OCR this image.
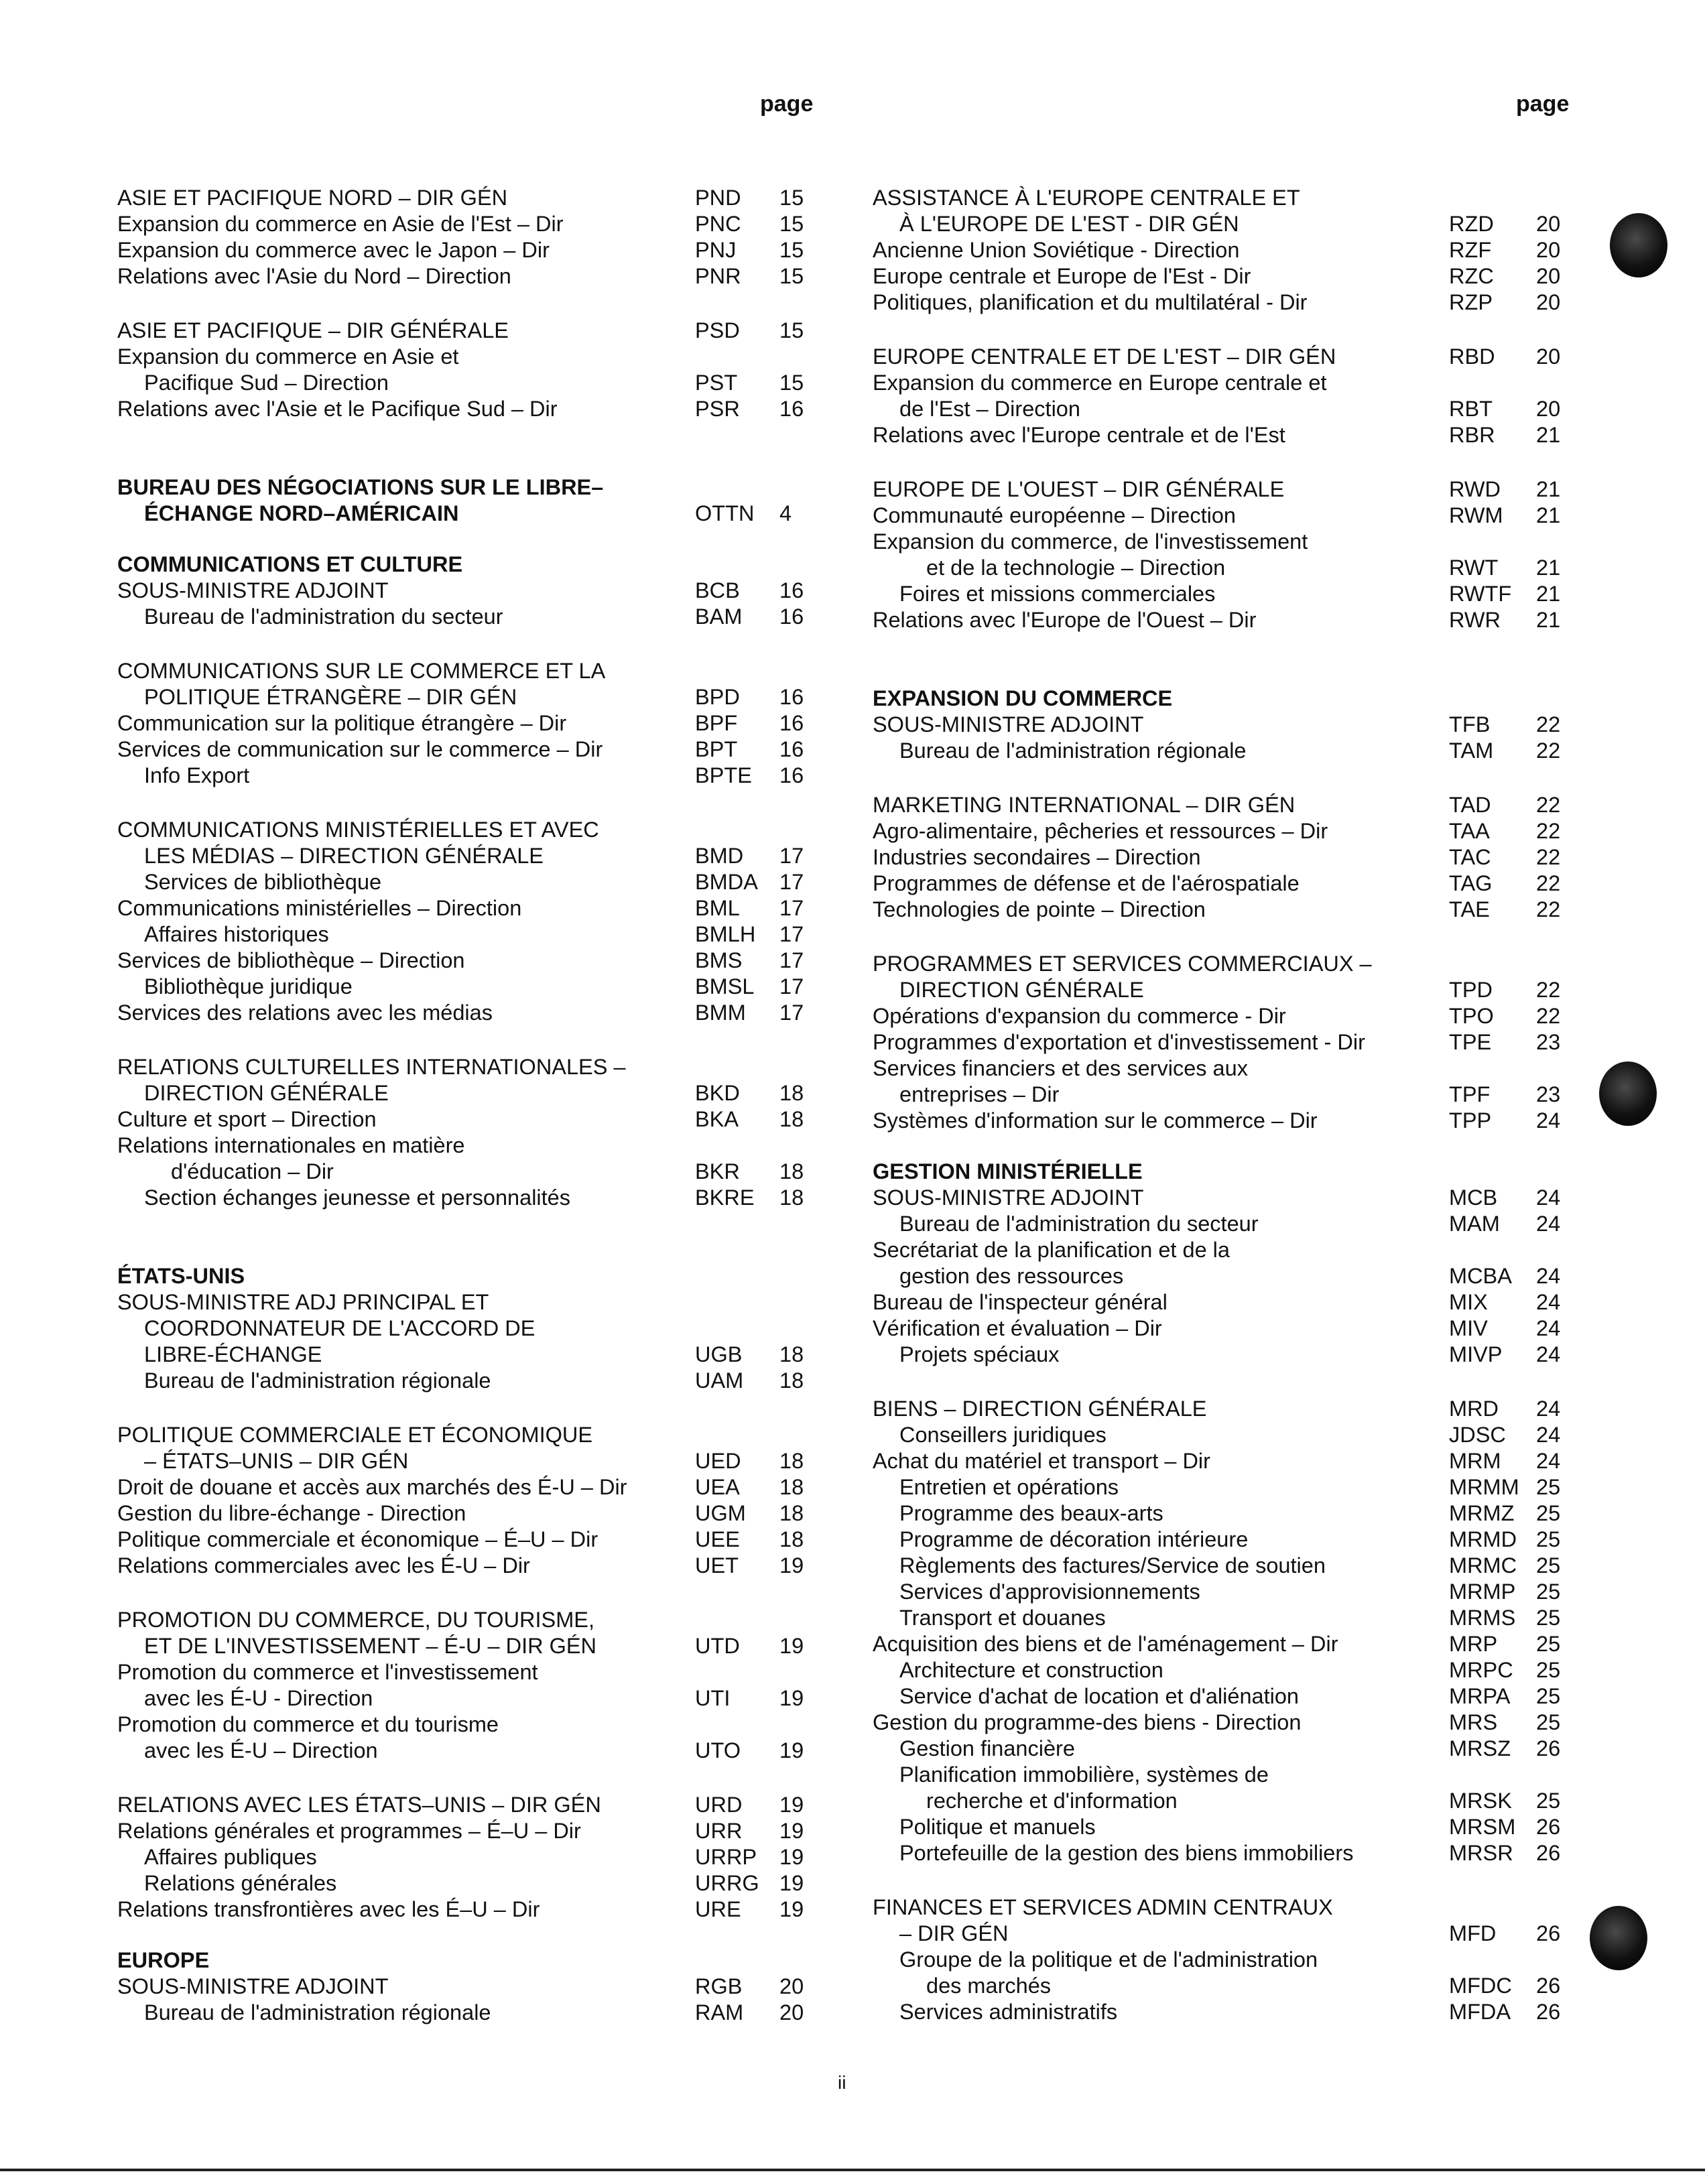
page	page
ASIE ET PACIFIQUE NORD – DIR GÉN	PND 15
Expansion du commerce en Asie de l'Est – Dir	PNC 15
Expansion du commerce avec le Japon – Dir	PNJ 15
Relations avec l'Asie du Nord – Direction	PNR 15
ASIE ET PACIFIQUE – DIR GÉNÉRALE	PSD 15
Expansion du commerce en Asie et
Pacifique Sud – Direction	PST 15
Relations avec l'Asie et le Pacifique Sud – Dir	PSR 16
BUREAU DES NÉGOCIATIONS SUR LE LIBRE–
ÉCHANGE NORD–AMÉRICAIN	OTTN 4
COMMUNICATIONS ET CULTURE
SOUS-MINISTRE ADJOINT	BCB 16
Bureau de l'administration du secteur	BAM 16
COMMUNICATIONS SUR LE COMMERCE ET LA
POLITIQUE ÉTRANGÈRE – DIR GÉN	BPD 16
Communication sur la politique étrangère – Dir	BPF 16
Services de communication sur le commerce – Dir	BPT 16
Info Export	BPTE 16
COMMUNICATIONS MINISTÉRIELLES ET AVEC
LES MÉDIAS – DIRECTION GÉNÉRALE	BMD 17
Services de bibliothèque	BMDA 17
Communications ministérielles – Direction	BML 17
Affaires historiques	BMLH 17
Services de bibliothèque – Direction	BMS 17
Bibliothèque juridique	BMSL 17
Services des relations avec les médias	BMM 17
RELATIONS CULTURELLES INTERNATIONALES –
DIRECTION GÉNÉRALE	BKD 18
Culture et sport – Direction	BKA 18
Relations internationales en matière
d'éducation – Dir	BKR 18
Section échanges jeunesse et personnalités	BKRE 18
ÉTATS-UNIS
SOUS-MINISTRE ADJ PRINCIPAL ET
COORDONNATEUR DE L'ACCORD DE
LIBRE-ÉCHANGE	UGB 18
Bureau de l'administration régionale	UAM 18
POLITIQUE COMMERCIALE ET ÉCONOMIQUE
– ÉTATS–UNIS – DIR GÉN	UED 18
Droit de douane et accès aux marchés des É-U – Dir	UEA 18
Gestion du libre-échange - Direction	UGM 18
Politique commerciale et économique – É–U – Dir	UEE 18
Relations commerciales avec les É-U – Dir	UET 19
PROMOTION DU COMMERCE, DU TOURISME,
ET DE L'INVESTISSEMENT – É-U – DIR GÉN	UTD 19
Promotion du commerce et l'investissement
avec les É-U - Direction	UTI 19
Promotion du commerce et du tourisme
avec les É-U – Direction	UTO 19
RELATIONS AVEC LES ÉTATS–UNIS – DIR GÉN	URD 19
Relations générales et programmes – É–U – Dir	URR 19
Affaires publiques	URRP 19
Relations générales	URRG 19
Relations transfrontières avec les É–U – Dir	URE 19
EUROPE
SOUS-MINISTRE ADJOINT	RGB 20
Bureau de l'administration régionale	RAM 20
ASSISTANCE À L'EUROPE CENTRALE ET
À L'EUROPE DE L'EST - DIR GÉN	RZD 20
Ancienne Union Soviétique - Direction	RZF 20
Europe centrale et Europe de l'Est - Dir	RZC 20
Politiques, planification et du multilatéral - Dir	RZP 20
EUROPE CENTRALE ET DE L'EST – DIR GÉN	RBD 20
Expansion du commerce en Europe centrale et
de l'Est – Direction	RBT 20
Relations avec l'Europe centrale et de l'Est	RBR 21
EUROPE DE L'OUEST – DIR GÉNÉRALE	RWD 21
Communauté européenne – Direction	RWM 21
Expansion du commerce, de l'investissement
et de la technologie – Direction	RWT 21
Foires et missions commerciales	RWTF 21
Relations avec l'Europe de l'Ouest – Dir	RWR 21
EXPANSION DU COMMERCE
SOUS-MINISTRE ADJOINT	TFB 22
Bureau de l'administration régionale	TAM 22
MARKETING INTERNATIONAL – DIR GÉN	TAD 22
Agro-alimentaire, pêcheries et ressources – Dir	TAA 22
Industries secondaires – Direction	TAC 22
Programmes de défense et de l'aérospatiale	TAG 22
Technologies de pointe – Direction	TAE 22
PROGRAMMES ET SERVICES COMMERCIAUX –
DIRECTION GÉNÉRALE	TPD 22
Opérations d'expansion du commerce - Dir	TPO 22
Programmes d'exportation et d'investissement - Dir	TPE 23
Services financiers et des services aux
entreprises – Dir	TPF 23
Systèmes d'information sur le commerce – Dir	TPP 24
GESTION MINISTÉRIELLE
SOUS-MINISTRE ADJOINT	MCB 24
Bureau de l'administration du secteur	MAM 24
Secrétariat de la planification et de la
gestion des ressources	MCBA 24
Bureau de l'inspecteur général	MIX 24
Vérification et évaluation – Dir	MIV 24
Projets spéciaux	MIVP 24
BIENS – DIRECTION GÉNÉRALE	MRD 24
Conseillers juridiques	JDSC 24
Achat du matériel et transport – Dir	MRM 24
Entretien et opérations	MRMM 25
Programme des beaux-arts	MRMZ 25
Programme de décoration intérieure	MRMD 25
Règlements des factures/Service de soutien	MRMC 25
Services d'approvisionnements	MRMP 25
Transport et douanes	MRMS 25
Acquisition des biens et de l'aménagement – Dir	MRP 25
Architecture et construction	MRPC 25
Service d'achat de location et d'aliénation	MRPA 25
Gestion du programme-des biens - Direction	MRS 25
Gestion financière	MRSZ 26
Planification immobilière, systèmes de
recherche et d'information	MRSK 25
Politique et manuels	MRSM 26
Portefeuille de la gestion des biens immobiliers	MRSR 26
FINANCES ET SERVICES ADMIN CENTRAUX
– DIR GÉN	MFD 26
Groupe de la politique et de l'administration
des marchés	MFDC 26
Services administratifs	MFDA 26
ii
